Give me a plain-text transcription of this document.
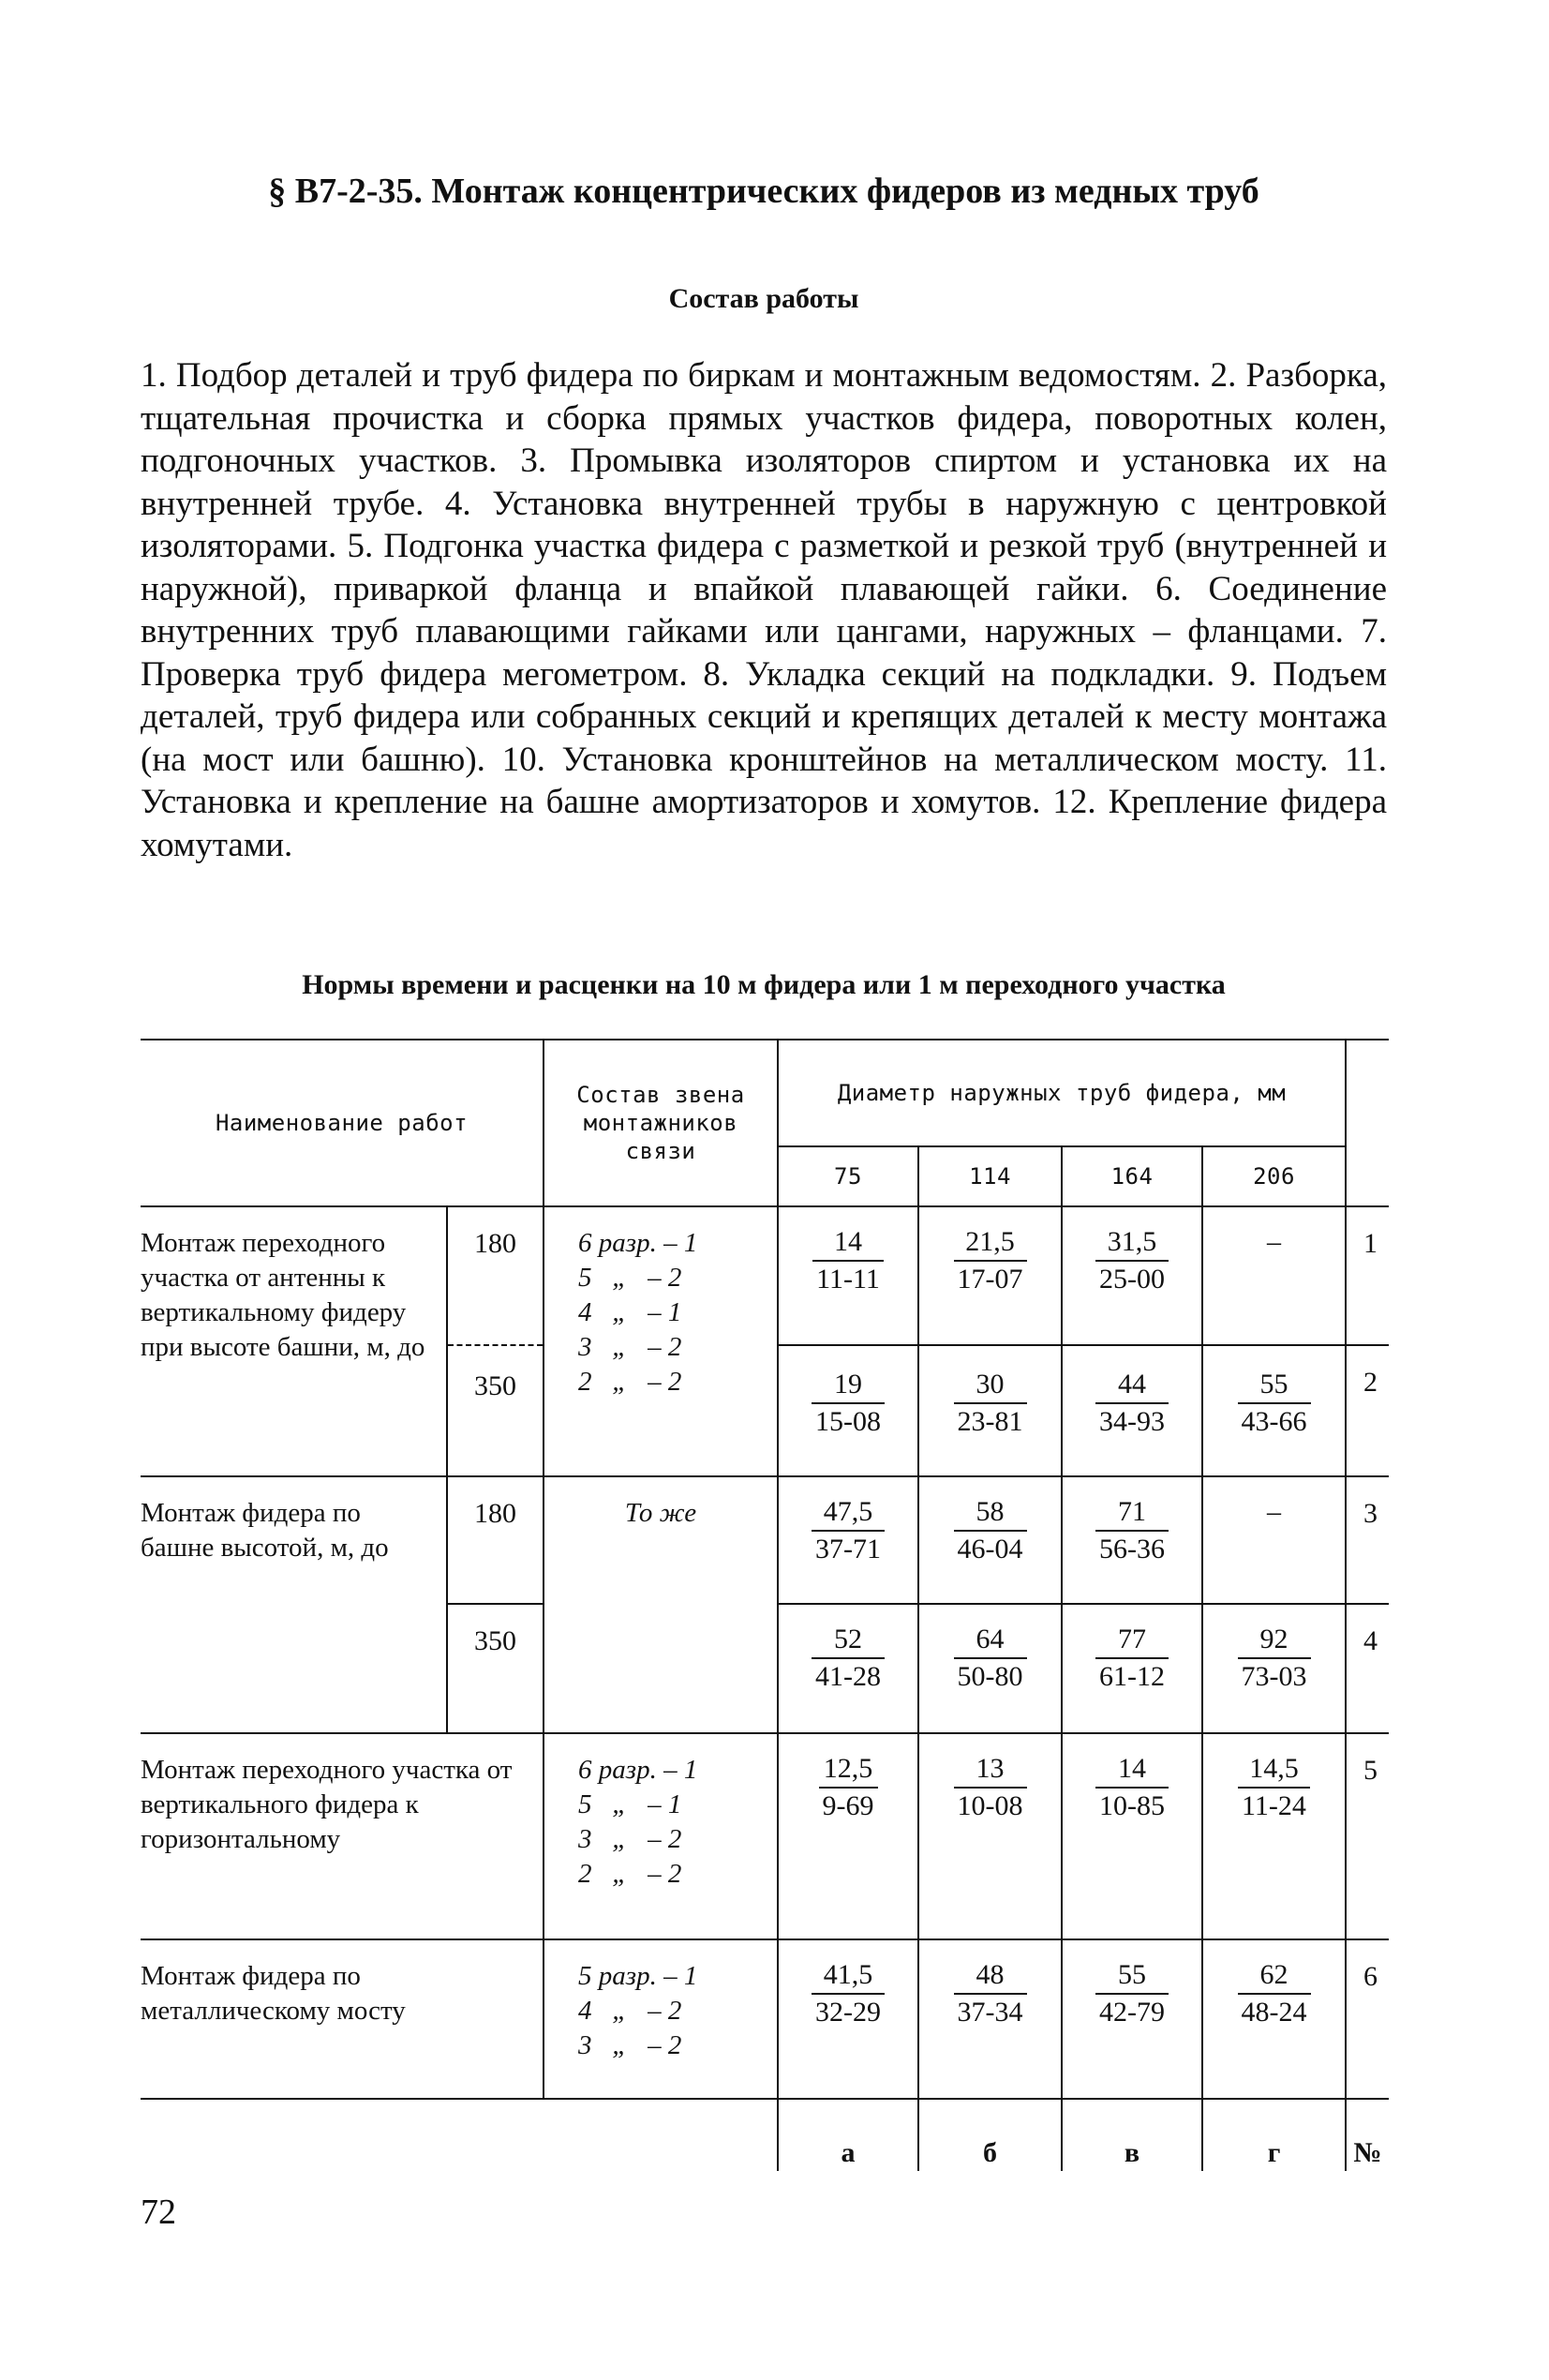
§ В7-2-35. Монтаж концентрических фидеров из медных труб
Состав работы

1. Подбор деталей и труб фидера по биркам и монтажным ведомостям. 2. Разборка, тщательная прочистка и сборка прямых участков фидера, поворотных колен, подгоночных участков. 3. Промывка изоляторов спиртом и установка их на внутренней трубе. 4. Установка внутренней трубы в наружную с центровкой изоляторами. 5. Подгонка участка фидера с разметкой и резкой труб (внутренней и наружной), приваркой фланца и впайкой плавающей гайки. 6. Соединение внутренних труб плавающими гайками или цангами, наружных – фланцами. 7. Проверка труб фидера мегометром. 8. Укладка секций на подкладки. 9. Подъем деталей, труб фидера или собранных секций и крепящих деталей к месту монтажа (на мост или башню). 10. Установка кронштейнов на металлическом мосту. 11. Установка и крепление на башне амортизаторов и хомутов. 12. Крепление фидера хомутами.

Нормы времени и расценки на 10 м фидера или 1 м переходного участка
Наименование работ		Состав звена монтажников связи	Диаметр наружных труб фидера, мм				
			75	114	164	206	
Монтаж переходного участка от антенны к вертикальному фидеру при высоте башни, м, до	180	6 разр. – 1
5   „   – 2
4   „   – 1
3   „   – 2
2   „   – 2	$\frac{14}{11-11}$	$\frac{21,5}{17-07}$	$\frac{31,5}{25-00}$	–	1
	350		$\frac{19}{15-08}$	$\frac{30}{23-81}$	$\frac{44}{34-93}$	$\frac{55}{43-66}$	2
Монтаж фидера по башне высотой, м, до	180	То же	$\frac{47,5}{37-71}$	$\frac{58}{46-04}$	$\frac{71}{56-36}$	–	3
	350		$\frac{52}{41-28}$	$\frac{64}{50-80}$	$\frac{77}{61-12}$	$\frac{92}{73-03}$	4
Монтаж переходного участка от вертикального фидера к горизонтальному		6 разр. – 1
5   „   – 1
3   „   – 2
2   „   – 2	$\frac{12,5}{9-69}$	$\frac{13}{10-08}$	$\frac{14}{10-85}$	$\frac{14,5}{11-24}$	5
Монтаж фидера по металлическому мосту		5 разр. – 1
4   „   – 2
3   „   – 2	$\frac{41,5}{32-29}$	$\frac{48}{37-34}$	$\frac{55}{42-79}$	$\frac{62}{48-24}$	6
			а	б	в	г	№
72
